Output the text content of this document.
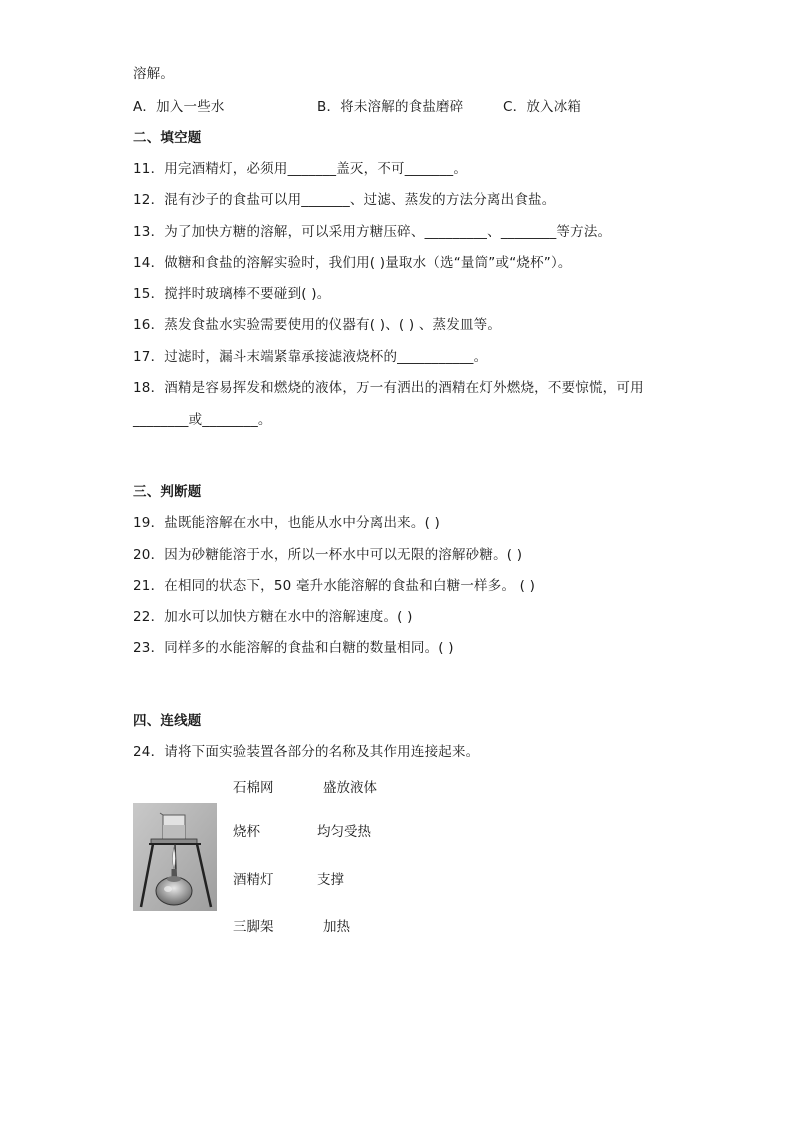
溶解。
A．加入一些水	B．将未溶解的食盐磨碎	C．放入冰箱
二、填空题
11．用完酒精灯，必须用_______盖灭，不可_______。
12．混有沙子的食盐可以用_______、过滤、蒸发的方法分离出食盐。
13．为了加快方糖的溶解，可以采用方糖压碎、_________、________等方法。
14．做糖和食盐的溶解实验时，我们用( )量取水（选“量筒”或“烧杯”）。
15．搅拌时玻璃棒不要碰到( )。
16．蒸发食盐水实验需要使用的仪器有( )、( ) 、蒸发皿等。
17．过滤时，漏斗末端紧靠承接滤液烧杯的___________。
18．酒精是容易挥发和燃烧的液体，万一有洒出的酒精在灯外燃烧，不要惊慌，可用
________或________。
三、判断题
19．盐既能溶解在水中，也能从水中分离出来。( )
20．因为砂糖能溶于水，所以一杯水中可以无限的溶解砂糖。( )
21．在相同的状态下，50 毫升水能溶解的食盐和白糖一样多。 ( )
22．加水可以加快方糖在水中的溶解速度。( )
23．同样多的水能溶解的食盐和白糖的数量相同。( )
四、连线题
24．请将下面实验装置各部分的名称及其作用连接起来。
石棉网
烧杯
酒精灯
三脚架
盛放液体
均匀受热
支撑
加热
